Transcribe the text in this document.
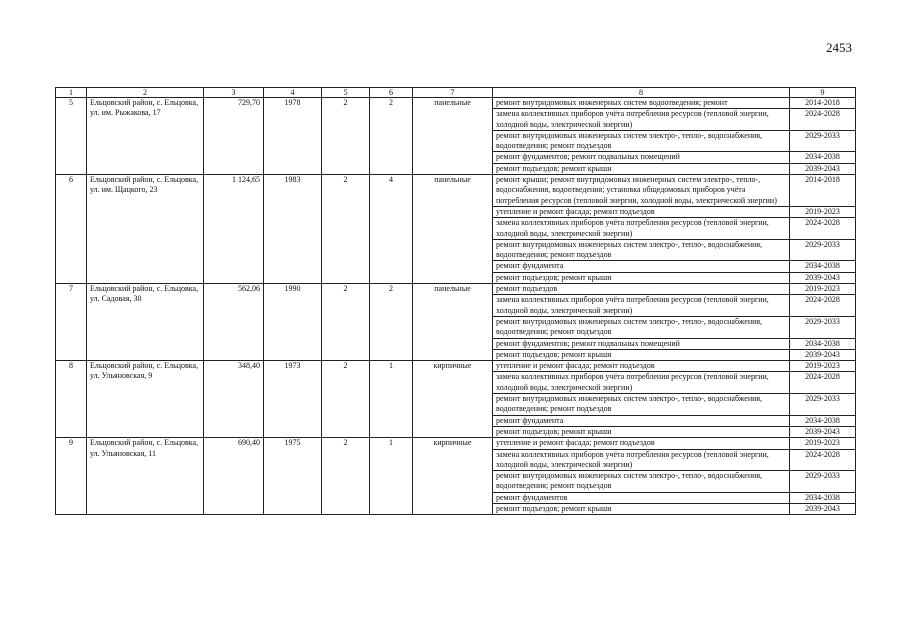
2453
1	2	3	4	5	6	7	8	9
5	Ельцовский район, с. Ельцовка, ул. им. Рыжакова, 17	729,70	1978	2	2	панельные	ремонт внутридомовых инженерных систем водоотведения; ремонт	2014-2018
							замена коллективных приборов учёта потребления ресурсов (тепловой энергии, холодной воды, электрической энергии)	2024-2028
							ремонт внутридомовых инженерных систем электро-, тепло-, водоснабжения, водоотведения; ремонт подъездов	2029-2033
							ремонт фундаментов; ремонт подвальных помещений	2034-2038
							ремонт подъездов; ремонт крыши	2039-2043
6	Ельцовский район, с. Ельцовка, ул. им. Щацкого, 23	1 124,65	1983	2	4	панельные	ремонт крыши; ремонт внутридомовых инженерных систем электро-, тепло-, водоснабжения, водоотведения; установка общедомовых приборов учёта потребления ресурсов (тепловой энергии, холодной воды, электрической энергии)	2014-2018
							утепление и ремонт фасада; ремонт подъездов	2019-2023
							замена коллективных приборов учёта потребления ресурсов (тепловой энергии, холодной воды, электрической энергии)	2024-2028
							ремонт внутридомовых инженерных систем электро-, тепло-, водоснабжения, водоотведения; ремонт подъездов	2029-2033
							ремонт фундамента	2034-2038
							ремонт подъездов; ремонт крыши	2039-2043
7	Ельцовский район, с. Ельцовка, ул. Садовая, 30	562,06	1990	2	2	панельные	ремонт подъездов	2019-2023
							замена коллективных приборов учёта потребления ресурсов (тепловой энергии, холодной воды, электрической энергии)	2024-2028
							ремонт внутридомовых инженерных систем электро-, тепло-, водоснабжения, водоотведения; ремонт подъездов	2029-2033
							ремонт фундаментов; ремонт подвальных помещений	2034-2038
							ремонт подъездов; ремонт крыши	2039-2043
8	Ельцовский район, с. Ельцовка, ул. Ульяновская, 9	348,40	1973	2	1	кирпичные	утепление и ремонт фасада; ремонт подъездов	2019-2023
							замена коллективных приборов учёта потребления ресурсов (тепловой энергии, холодной воды, электрической энергии)	2024-2028
							ремонт внутридомовых инженерных систем электро-, тепло-, водоснабжения, водоотведения; ремонт подъездов	2029-2033
							ремонт фундамента	2034-2038
							ремонт подъездов; ремонт крыши	2039-2043
9	Ельцовский район, с. Ельцовка, ул. Ульяновская, 11	690,40	1975	2	1	кирпичные	утепление и ремонт фасада; ремонт подъездов	2019-2023
							замена коллективных приборов учёта потребления ресурсов (тепловой энергии, холодной воды, электрической энергии)	2024-2028
							ремонт внутридомовых инженерных систем электро-, тепло-, водоснабжения, водоотведения; ремонт подъездов	2029-2033
							ремонт фундаментов	2034-2038
							ремонт подъездов; ремонт крыши	2039-2043
